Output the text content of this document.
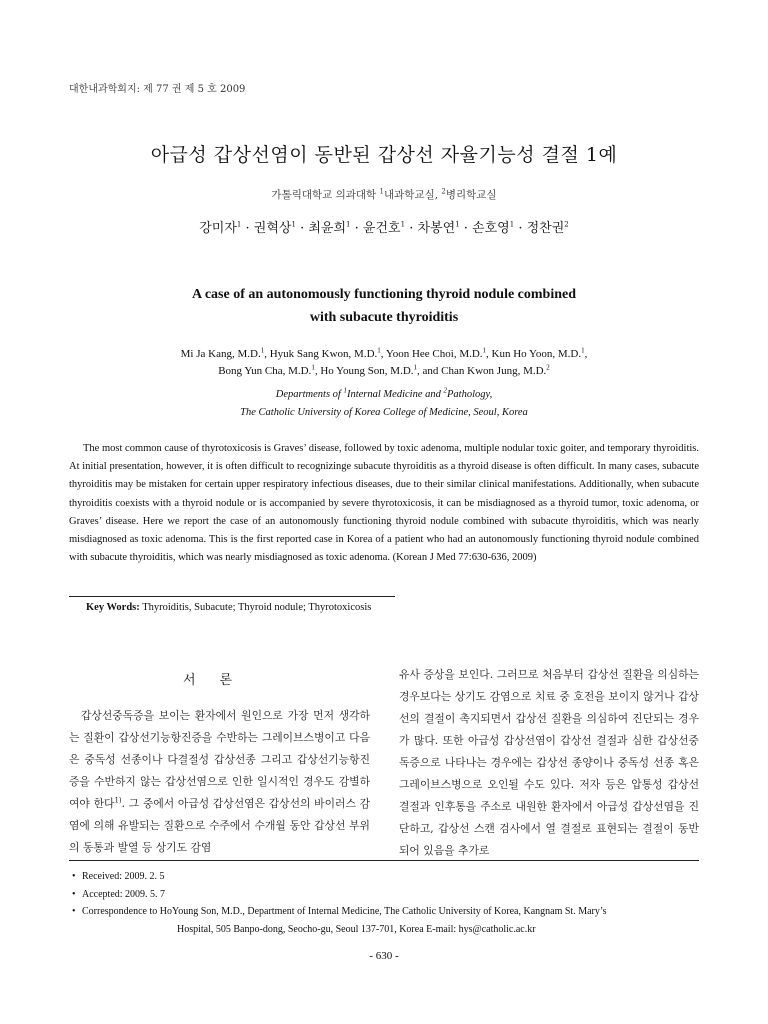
대한내과학회지: 제 77 권 제 5 호 2009
아급성 갑상선염이 동반된 갑상선 자율기능성 결절 1예
가톨릭대학교 의과대학 $^1$내과학교실, $^2$병리학교실
강미자$^1$ · 권혁상$^1$ · 최윤희$^1$ · 윤건호$^1$ · 차봉연$^1$ · 손호영$^1$ · 정찬권$^2$
A case of an autonomously functioning thyroid nodule combined
with subacute thyroiditis
Mi Ja Kang, M.D.$^1$, Hyuk Sang Kwon, M.D.$^1$, Yoon Hee Choi, M.D.$^1$, Kun Ho Yoon, M.D.$^1$,
Bong Yun Cha, M.D.$^1$, Ho Young Son, M.D.$^1$, and Chan Kwon Jung, M.D.$^2$
Departments of $^1$Internal Medicine and $^2$Pathology,
The Catholic University of Korea College of Medicine, Seoul, Korea
The most common cause of thyrotoxicosis is Graves’ disease, followed by toxic adenoma, multiple nodular toxic goiter, and temporary thyroiditis. At initial presentation, however, it is often difficult to recognizinge subacute thyroiditis as a thyroid disease is often difficult. In many cases, subacute thyroiditis may be mistaken for certain upper respiratory infectious diseases, due to their similar clinical manifestations. Additionally, when subacute thyroiditis coexists with a thyroid nodule or is accompanied by severe thyrotoxicosis, it can be misdiagnosed as a thyroid tumor, toxic adenoma, or Graves’ disease. Here we report the case of an autonomously functioning thyroid nodule combined with subacute thyroiditis, which was nearly misdiagnosed as toxic adenoma. This is the first reported case in Korea of a patient who had an autonomously functioning thyroid nodule combined with subacute thyroiditis, which was nearly misdiagnosed as toxic adenoma. (Korean J Med 77:630-636, 2009)
Key Words: Thyroiditis, Subacute; Thyroid nodule; Thyrotoxicosis
서론
갑상선중독증을 보이는 환자에서 원인으로 가장 먼저 생각하는 질환이 갑상선기능항진증을 수반하는 그레이브스병이고 다음은 중독성 선종이나 다결절성 갑상선종 그리고 갑상선기능항진증을 수반하지 않는 갑상선염으로 인한 일시적인 경우도 감별하여야 한다$^{1)}$. 그 중에서 아급성 갑상선염은 갑상선의 바이러스 감염에 의해 유발되는 질환으로 수주에서 수개월 동안 갑상선 부위의 동통과 발열 등 상기도 감염
유사 증상을 보인다. 그러므로 처음부터 갑상선 질환을 의심하는 경우보다는 상기도 감염으로 치료 중 호전을 보이지 않거나 갑상선의 결절이 촉지되면서 갑상선 질환을 의심하여 진단되는 경우가 많다. 또한 아급성 갑상선염이 갑상선 결절과 심한 갑상선중독증으로 나타나는 경우에는 갑상선 종양이나 중독성 선종 혹은 그레이브스병으로 오인될 수도 있다. 저자 등은 압통성 갑상선 결절과 인후통을 주소로 내원한 환자에서 아급성 갑상선염을 진단하고, 갑상선 스캔 검사에서 열 결절로 표현되는 결절이 동반되어 있음을 추가로
• Received: 2009. 2. 5
• Accepted: 2009. 5. 7
• Correspondence to HoYoung Son, M.D., Department of Internal Medicine, The Catholic University of Korea, Kangnam St. Mary’s
Hospital, 505 Banpo-dong, Seocho-gu, Seoul 137-701, Korea E-mail: hys@catholic.ac.kr
- 630 -
